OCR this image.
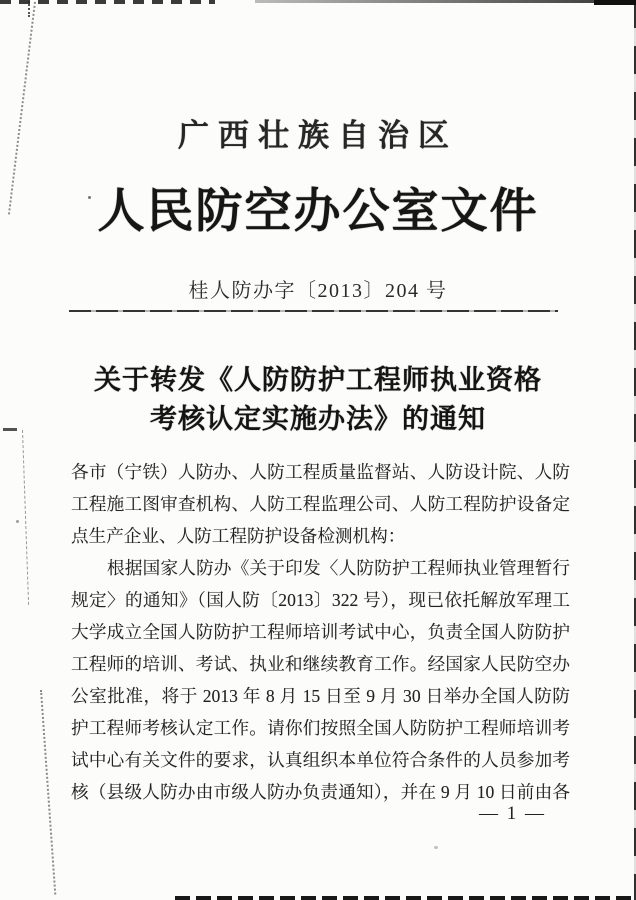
广西壮族自治区
人民防空办公室文件
桂人防办字〔2013〕204 号
关于转发《人防防护工程师执业资格
考核认定实施办法》的通知
各市（宁铁）人防办、人防工程质量监督站、人防设计院、人防
工程施工图审查机构、人防工程监理公司、人防工程防护设备定
点生产企业、人防工程防护设备检测机构：
根据国家人防办《关于印发〈人防防护工程师执业管理暂行
规定〉的通知》（国人防〔2013〕322 号），现已依托解放军理工
大学成立全国人防防护工程师培训考试中心，负责全国人防防护
工程师的培训、考试、执业和继续教育工作。经国家人民防空办
公室批准，将于 2013 年 8 月 15 日至 9 月 30 日举办全国人防防
护工程师考核认定工作。请你们按照全国人防防护工程师培训考
试中心有关文件的要求，认真组织本单位符合条件的人员参加考
核（县级人防办由市级人防办负责通知），并在 9 月 10 日前由各
— 1 —
